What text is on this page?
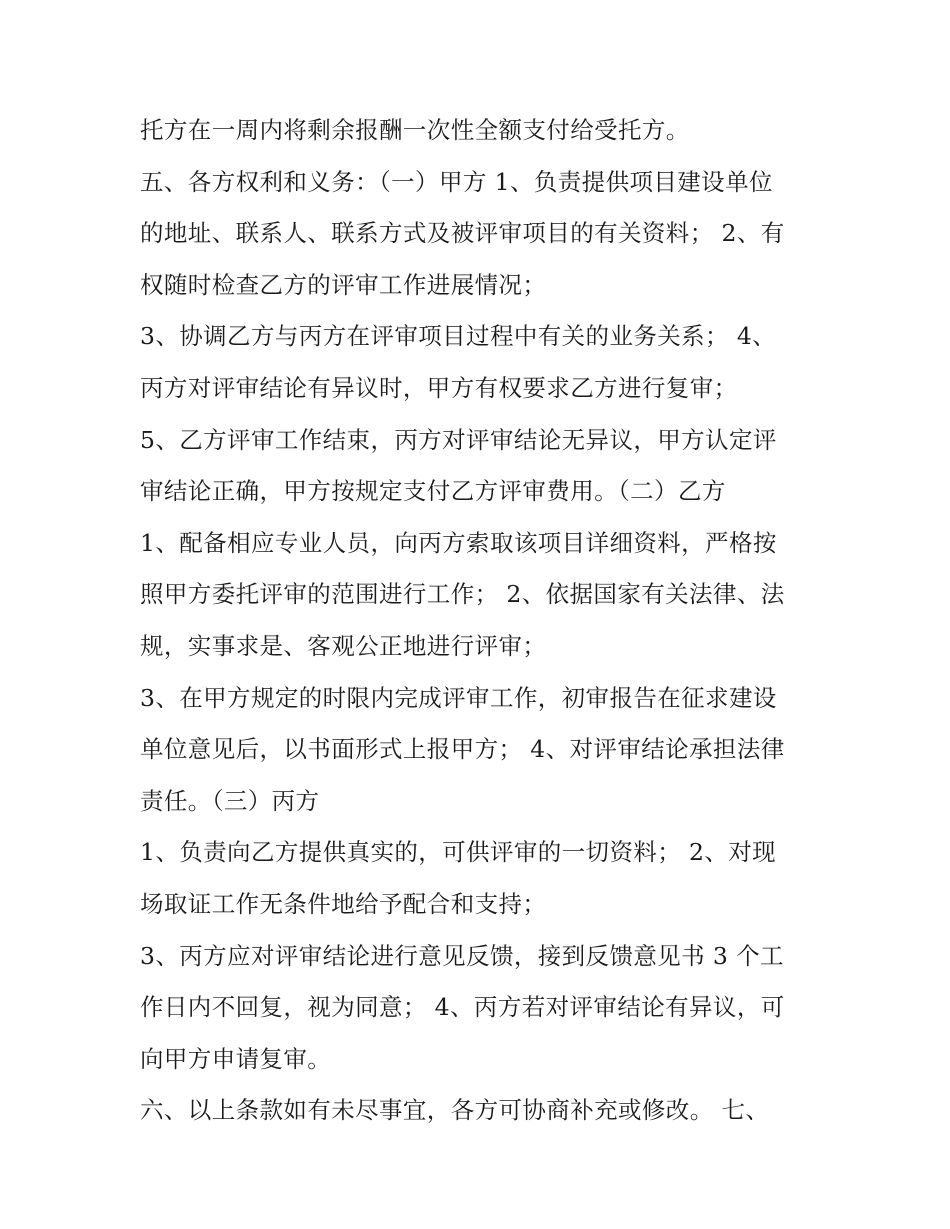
托方在一周内将剩余报酬一次性全额支付给受托方。
五、各方权利和义务：（一）甲方 1、负责提供项目建设单位
的地址、联系人、联系方式及被评审项目的有关资料； 2、有
权随时检查乙方的评审工作进展情况；
3、协调乙方与丙方在评审项目过程中有关的业务关系； 4、
丙方对评审结论有异议时，甲方有权要求乙方进行复审；
5、乙方评审工作结束，丙方对评审结论无异议，甲方认定评
审结论正确，甲方按规定支付乙方评审费用。（二）乙方
1、配备相应专业人员，向丙方索取该项目详细资料，严格按
照甲方委托评审的范围进行工作； 2、依据国家有关法律、法
规，实事求是、客观公正地进行评审；
3、在甲方规定的时限内完成评审工作，初审报告在征求建设
单位意见后，以书面形式上报甲方； 4、对评审结论承担法律
责任。（三）丙方
1、负责向乙方提供真实的，可供评审的一切资料； 2、对现
场取证工作无条件地给予配合和支持；
3、丙方应对评审结论进行意见反馈，接到反馈意见书 3 个工
作日内不回复，视为同意； 4、丙方若对评审结论有异议，可
向甲方申请复审。
六、以上条款如有未尽事宜，各方可协商补充或修改。 七、
